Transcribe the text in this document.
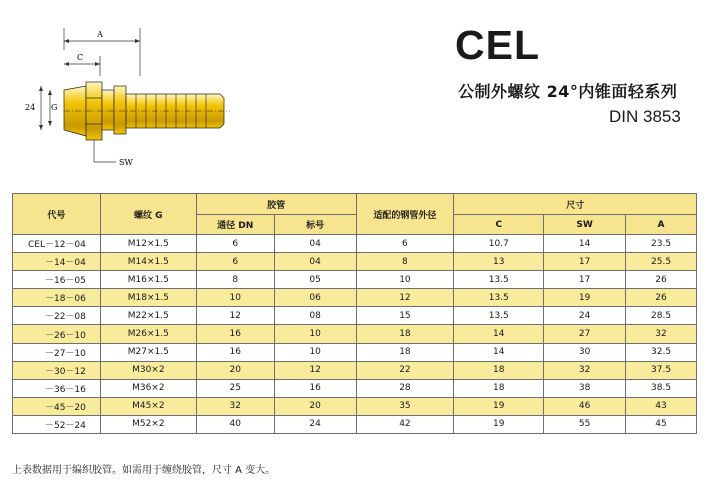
A
C
24 G
SW
CEL
公制外螺纹 24°内锥面轻系列
DIN 3853
代号	螺纹 G	胶管		适配的钢管外径	尺寸		
		通径 DN	标号		C	SW	A
CEL－12－04	M12×1.5	6	04	6	10.7	14	23.5
－14－04	M14×1.5	6	04	8	13	17	25.5
－16－05	M16×1.5	8	05	10	13.5	17	26
－18－06	M18×1.5	10	06	12	13.5	19	26
－22－08	M22×1.5	12	08	15	13.5	24	28.5
－26－10	M26×1.5	16	10	18	14	27	32
－27－10	M27×1.5	16	10	18	14	30	32.5
－30－12	M30×2	20	12	22	18	32	37.5
－36－16	M36×2	25	16	28	18	38	38.5
－45－20	M45×2	32	20	35	19	46	43
－52－24	M52×2	40	24	42	19	55	45
上表数据用于编织胶管。如需用于缠绕胶管，尺寸 A 变大。
